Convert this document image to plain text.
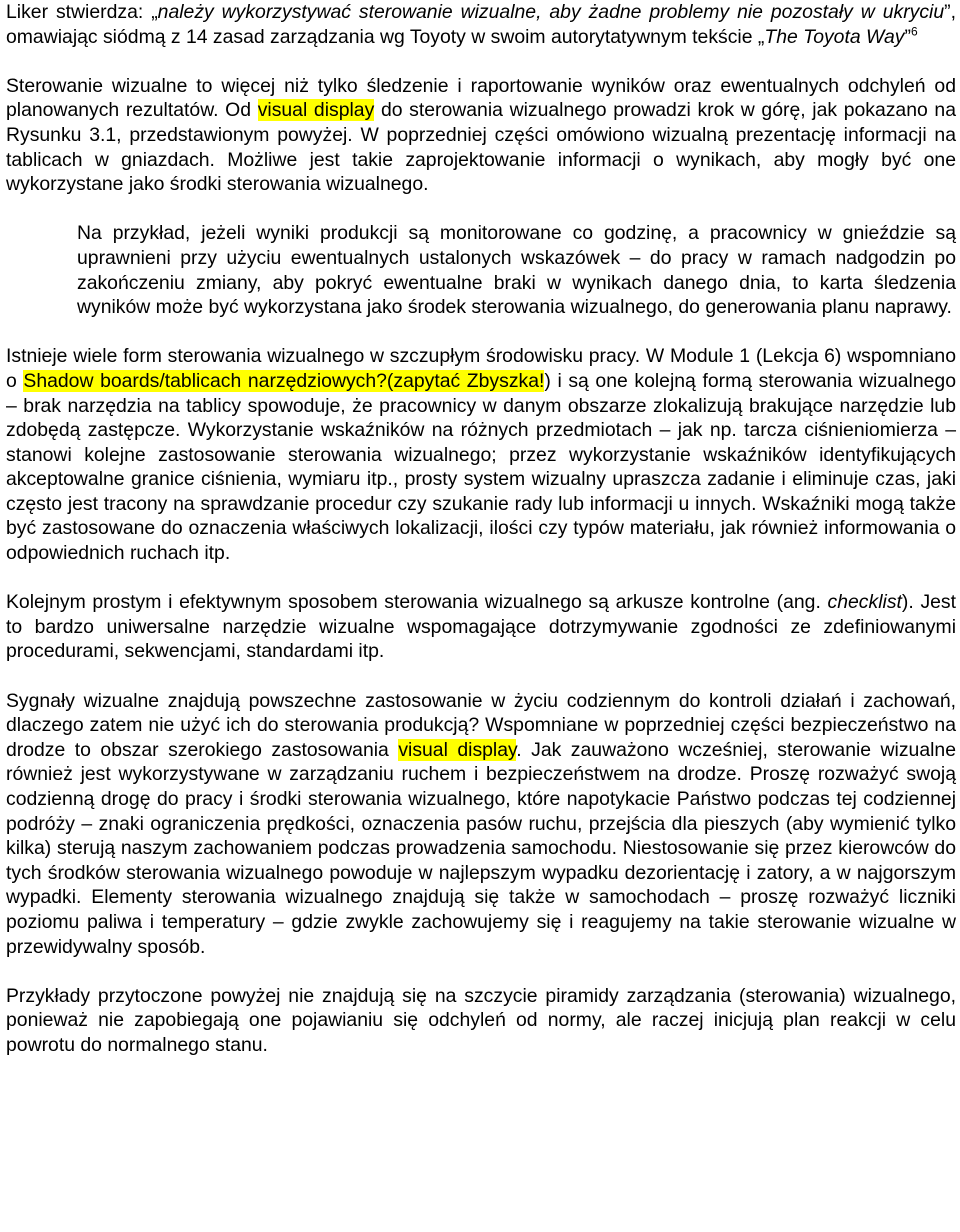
Liker stwierdza: „należy wykorzystywać sterowanie wizualne, aby żadne problemy nie pozostały w ukryciu”, omawiając siódmą z 14 zasad zarządzania wg Toyoty w swoim autorytatywnym tekście „The Toyota Way”$^6$

Sterowanie wizualne to więcej niż tylko śledzenie i raportowanie wyników oraz ewentualnych odchyleń od planowanych rezultatów. Od visual display do sterowania wizualnego prowadzi krok w górę, jak pokazano na Rysunku 3.1, przedstawionym powyżej. W poprzedniej części omówiono wizualną prezentację informacji na tablicach w gniazdach. Możliwe jest takie zaprojektowanie informacji o wynikach, aby mogły być one wykorzystane jako środki sterowania wizualnego.

Na przykład, jeżeli wyniki produkcji są monitorowane co godzinę, a pracownicy w gnieździe są uprawnieni przy użyciu ewentualnych ustalonych wskazówek – do pracy w ramach nadgodzin po zakończeniu zmiany, aby pokryć ewentualne braki w wynikach danego dnia, to karta śledzenia wyników może być wykorzystana jako środek sterowania wizualnego, do generowania planu naprawy.

Istnieje wiele form sterowania wizualnego w szczupłym środowisku pracy. W Module 1 (Lekcja 6) wspomniano o Shadow boards/tablicach narzędziowych?(zapytać Zbyszka!) i są one kolejną formą sterowania wizualnego – brak narzędzia na tablicy spowoduje, że pracownicy w danym obszarze zlokalizują brakujące narzędzie lub zdobędą zastępcze. Wykorzystanie wskaźników na różnych przedmiotach – jak np. tarcza ciśnieniomierza – stanowi kolejne zastosowanie sterowania wizualnego; przez wykorzystanie wskaźników identyfikujących akceptowalne granice ciśnienia, wymiaru itp., prosty system wizualny upraszcza zadanie i eliminuje czas, jaki często jest tracony na sprawdzanie procedur czy szukanie rady lub informacji u innych. Wskaźniki mogą także być zastosowane do oznaczenia właściwych lokalizacji, ilości czy typów materiału, jak również informowania o odpowiednich ruchach itp.

Kolejnym prostym i efektywnym sposobem sterowania wizualnego są arkusze kontrolne (ang. checklist). Jest to bardzo uniwersalne narzędzie wizualne wspomagające dotrzymywanie zgodności ze zdefiniowanymi procedurami, sekwencjami, standardami itp.

Sygnały wizualne znajdują powszechne zastosowanie w życiu codziennym do kontroli działań i zachowań, dlaczego zatem nie użyć ich do sterowania produkcją? Wspomniane w poprzedniej części bezpieczeństwo na drodze to obszar szerokiego zastosowania visual display. Jak zauważono wcześniej, sterowanie wizualne również jest wykorzystywane w zarządzaniu ruchem i bezpieczeństwem na drodze. Proszę rozważyć swoją codzienną drogę do pracy i środki sterowania wizualnego, które napotykacie Państwo podczas tej codziennej podróży – znaki ograniczenia prędkości, oznaczenia pasów ruchu, przejścia dla pieszych (aby wymienić tylko kilka) sterują naszym zachowaniem podczas prowadzenia samochodu. Niestosowanie się przez kierowców do tych środków sterowania wizualnego powoduje w najlepszym wypadku dezorientację i zatory, a w najgorszym wypadki. Elementy sterowania wizualnego znajdują się także w samochodach – proszę rozważyć liczniki poziomu paliwa i temperatury – gdzie zwykle zachowujemy się i reagujemy na takie sterowanie wizualne w przewidywalny sposób.

Przykłady przytoczone powyżej nie znajdują się na szczycie piramidy zarządzania (sterowania) wizualnego, ponieważ nie zapobiegają one pojawianiu się odchyleń od normy, ale raczej inicjują plan reakcji w celu powrotu do normalnego stanu.
